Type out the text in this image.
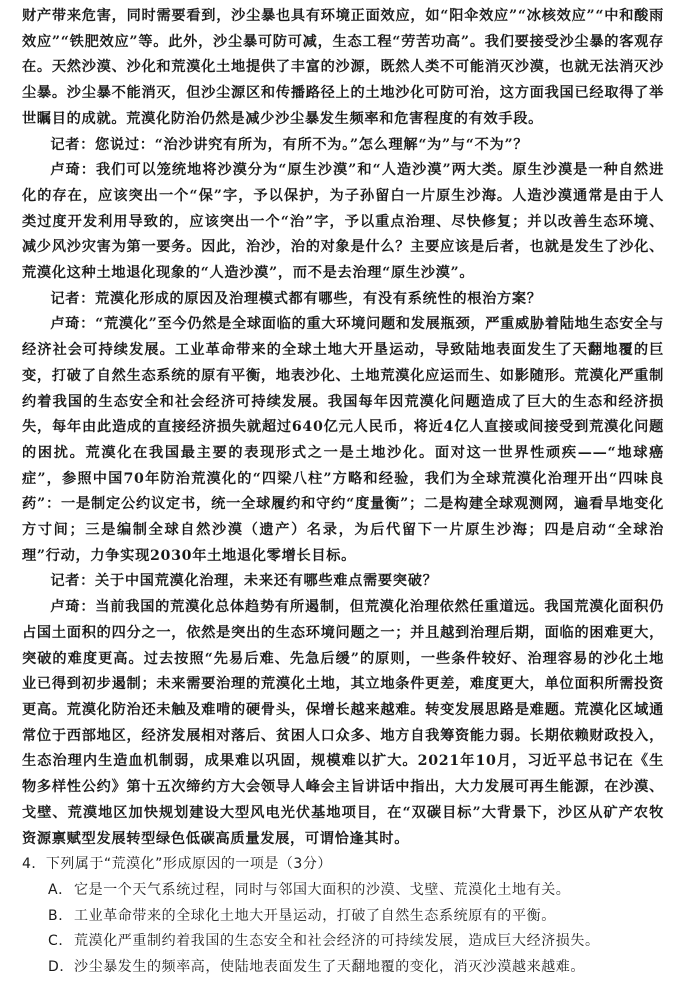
财产带来危害，同时需要看到，沙尘暴也具有环境正面效应，如“阳伞效应”“冰核效应”“中和酸雨效应”“铁肥效应”等。此外，沙尘暴可防可减，生态工程“劳苦功高”。我们要接受沙尘暴的客观存在。天然沙漠、沙化和荒漠化土地提供了丰富的沙源，既然人类不可能消灭沙漠，也就无法消灭沙尘暴。沙尘暴不能消灭，但沙尘源区和传播路径上的土地沙化可防可治，这方面我国已经取得了举世瞩目的成就。荒漠化防治仍然是减少沙尘暴发生频率和危害程度的有效手段。

记者：您说过：“治沙讲究有所为，有所不为。”怎么理解“为”与“不为”？

卢琦：我们可以笼统地将沙漠分为“原生沙漠”和“人造沙漠”两大类。原生沙漠是一种自然进化的存在，应该突出一个“保”字，予以保护，为子孙留白一片原生沙海。人造沙漠通常是由于人类过度开发利用导致的，应该突出一个“治”字，予以重点治理、尽快修复；并以改善生态环境、减少风沙灾害为第一要务。因此，治沙，治的对象是什么？主要应该是后者，也就是发生了沙化、荒漠化这种土地退化现象的“人造沙漠”，而不是去治理“原生沙漠”。

记者：荒漠化形成的原因及治理模式都有哪些，有没有系统性的根治方案？

卢琦：“荒漠化”至今仍然是全球面临的重大环境问题和发展瓶颈，严重威胁着陆地生态安全与经济社会可持续发展。工业革命带来的全球土地大开垦运动，导致陆地表面发生了天翻地覆的巨变，打破了自然生态系统的原有平衡，地表沙化、土地荒漠化应运而生、如影随形。荒漠化严重制约着我国的生态安全和社会经济可持续发展。我国每年因荒漠化问题造成了巨大的生态和经济损失，每年由此造成的直接经济损失就超过640亿元人民币，将近4亿人直接或间接受到荒漠化问题的困扰。荒漠化在我国最主要的表现形式之一是土地沙化。面对这一世界性顽疾——“地球癌症”，参照中国70年防治荒漠化的“四梁八柱”方略和经验，我们为全球荒漠化治理开出“四味良药”：一是制定公约议定书，统一全球履约和守约“度量衡”；二是构建全球观测网，遍看旱地变化方寸间；三是编制全球自然沙漠（遗产）名录，为后代留下一片原生沙海；四是启动“全球治理”行动，力争实现2030年土地退化零增长目标。

记者：关于中国荒漠化治理，未来还有哪些难点需要突破？

卢琦：当前我国的荒漠化总体趋势有所遏制，但荒漠化治理依然任重道远。我国荒漠化面积仍占国土面积的四分之一，依然是突出的生态环境问题之一；并且越到治理后期，面临的困难更大，突破的难度更高。过去按照“先易后难、先急后缓”的原则，一些条件较好、治理容易的沙化土地业已得到初步遏制；未来需要治理的荒漠化土地，其立地条件更差，难度更大，单位面积所需投资更高。荒漠化防治还未触及难啃的硬骨头，保增长越来越难。转变发展思路是难题。荒漠化区域通常位于西部地区，经济发展相对落后、贫困人口众多、地方自我筹资能力弱。长期依赖财政投入，生态治理内生造血机制弱，成果难以巩固，规模难以扩大。2021年10月，习近平总书记在《生物多样性公约》第十五次缔约方大会领导人峰会主旨讲话中指出，大力发展可再生能源，在沙漠、戈壁、荒漠地区加快规划建设大型风电光伏基地项目，在“双碳目标”大背景下，沙区从矿产农牧资源禀赋型发展转型绿色低碳高质量发展，可谓恰逢其时。

4．下列属于“荒漠化”形成原因的一项是（3分）

A．它是一个天气系统过程，同时与邻国大面积的沙漠、戈壁、荒漠化土地有关。

B．工业革命带来的全球化土地大开垦运动，打破了自然生态系统原有的平衡。

C．荒漠化严重制约着我国的生态安全和社会经济的可持续发展，造成巨大经济损失。

D．沙尘暴发生的频率高，使陆地表面发生了天翻地覆的变化，消灭沙漠越来越难。
